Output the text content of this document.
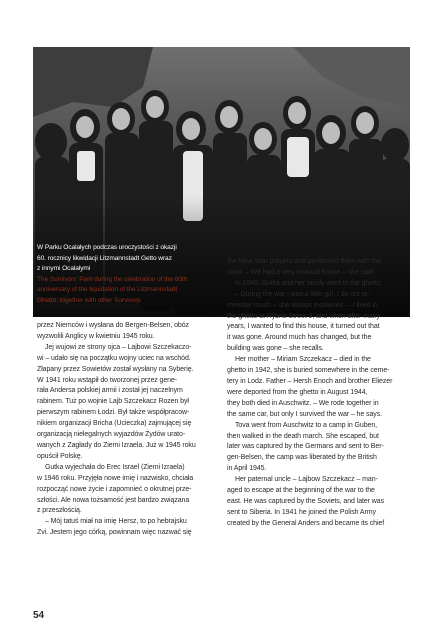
W Parku Ocalałych podczas uroczystości z okazji
60. rocznicy likwidacji Litzmannstadt Getto wraz
z innymi Ocalałymi
The Survivors' Park during the celebration of the 60th
anniversary of the liquidation of the Litzmannstadt
Ghetto, together with other Survivors
przez Niemców i wysłana do Bergen-Belsen, obóz
wyzwolili Anglicy w kwietniu 1945 roku.
Jej wujowi ze strony ojca – Lajbowi Szczekaczo-
wi – udało się na początku wojny uciec na wschód.
Złapany przez Sowietów został wysłany na Syberię.
W 1941 roku wstąpił do tworzonej przez gene-
rała Andersa polskiej armii i został jej naczelnym
rabinem. Tuż po wojnie Lajb Szczekacz Rozen był
pierwszym rabinem Łodzi. Był także współpracow-
nikiem organizacji Bricha (Ucieczka) zajmującej się
organizacją nielegalnych wyjazdów Żydów urato-
wanych z Zagłady do Ziemi Izraela. Już w 1945 roku
opuścił Polskę.
Gutka wyjechała do Erec Israel (Ziemi Izraela)
w 1946 roku. Przyjęła nowe imię i nazwisko, chciała
rozpocząć nowe życie i zapomnieć o okrutnej prze-
szłości. Ale nowa tożsamość jest bardzo związana
z przeszłością.
– Mój tatuś miał na imię Hersz, to po hebrajsku
Zvi. Jestem jego córką, powinnam więc nazwać się
the New Year prayers and performed them with the
choir. – We had a very musical house – she said.
In 1940, Gutka and her family went to the ghetto.
– During the war I was a little girl, I do not re-
member much – she always explained. – I lived in
the ghetto at Rybna Street 9, and when after many
years, I wanted to find this house, it turned out that
it was gone. Around much has changed, but the
building was gone – she recalls.
Her mother – Miriam Szczekacz – died in the
ghetto in 1942, she is buried somewhere in the ceme-
tery in Lodz. Father – Hersh Enoch and brother Eliezer
were deported from the ghetto in August 1944,
they both died in Auschwitz. – We rode together in
the same car, but only I survived the war – he says.
Tova went from Auschwitz to a camp in Guben,
then walked in the death march. She escaped, but
later was captured by the Germans and sent to Ber-
gen-Belsen, the camp was liberated by the British
in April 1945.
Her paternal uncle – Lajbow Szczekacz – man-
aged to escape at the beginning of the war to the
east. He was captured by the Soviets, and later was
sent to Siberia. In 1941 he joined the Polish Army
created by the General Anders and became its chief
54
